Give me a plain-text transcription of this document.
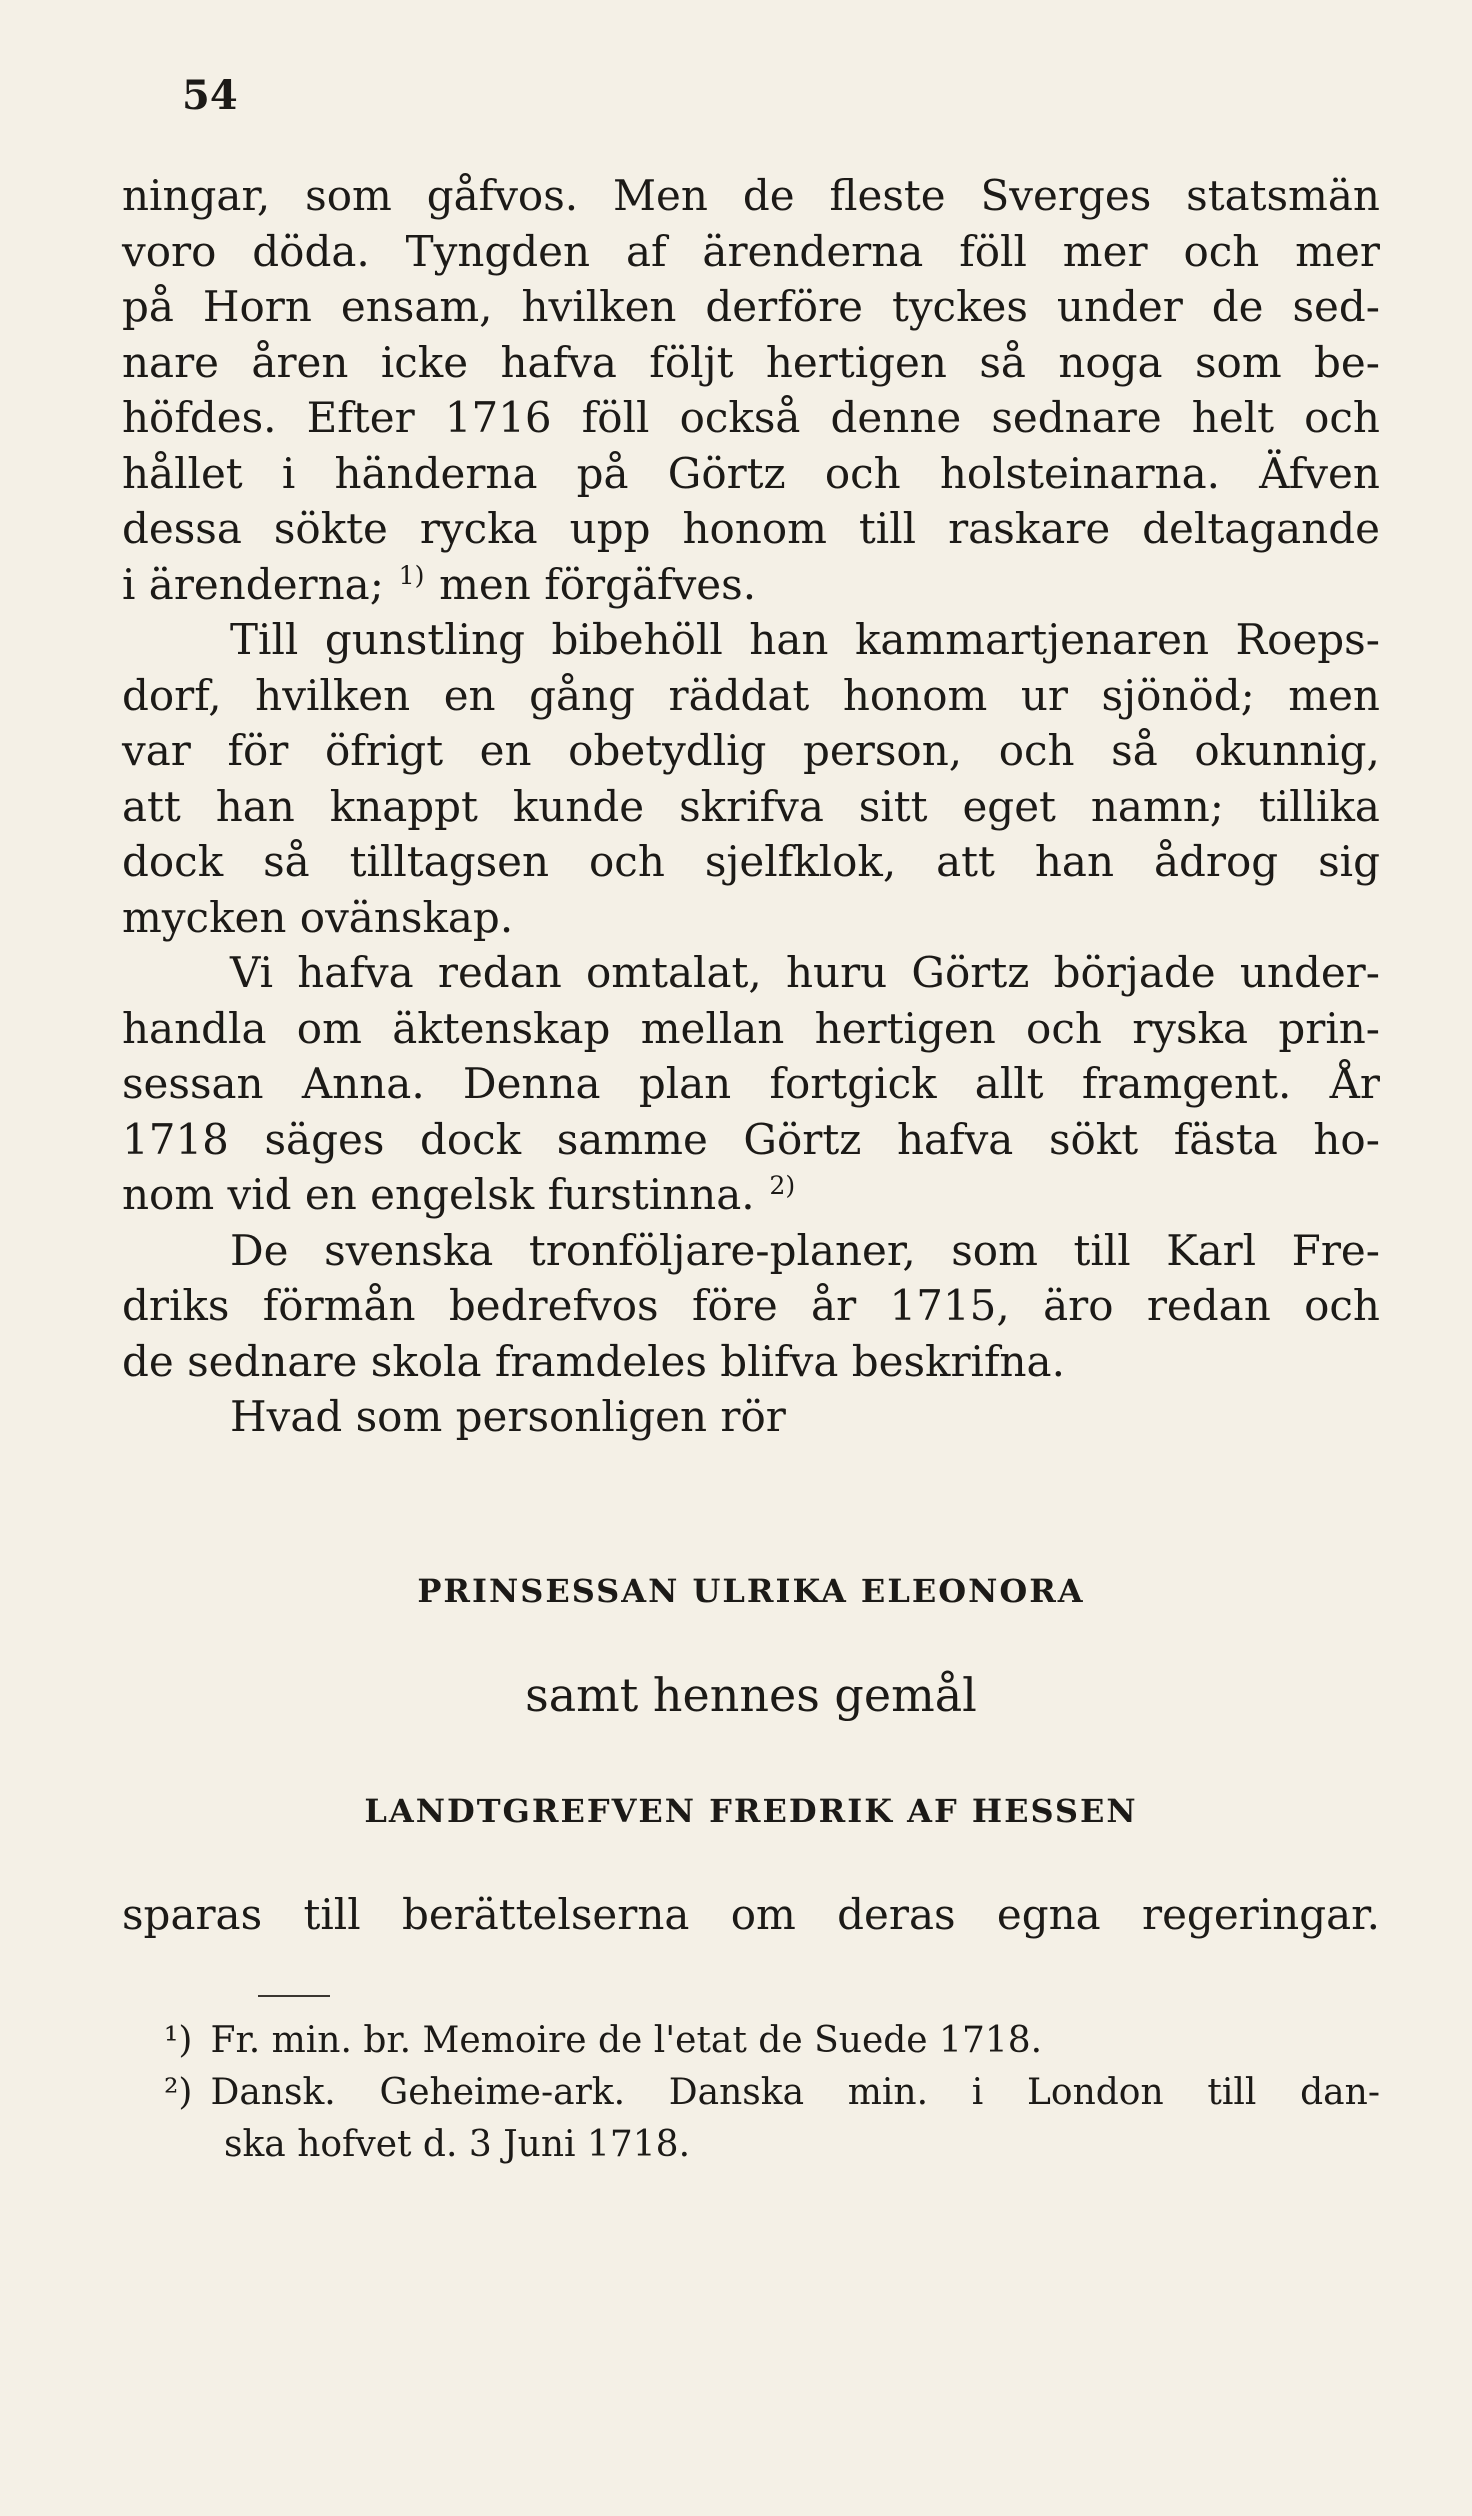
54
ningar, som gåfvos. Men de fleste Sverges statsmän
voro döda. Tyngden af ärenderna föll mer och mer
på Horn ensam, hvilken derföre tyckes under de sed-
nare åren icke hafva följt hertigen så noga som be-
höfdes. Efter 1716 föll också denne sednare helt och
hållet i händerna på Görtz och holsteinarna. Äfven
dessa sökte rycka upp honom till raskare deltagande
i ärenderna; $^{1)}$ men förgäfves.
Till gunstling bibehöll han kammartjenaren Roeps-
dorf, hvilken en gång räddat honom ur sjönöd; men
var för öfrigt en obetydlig person, och så okunnig,
att han knappt kunde skrifva sitt eget namn; tillika
dock så tilltagsen och sjelfklok, att han ådrog sig
mycken ovänskap.
Vi hafva redan omtalat, huru Görtz började under-
handla om äktenskap mellan hertigen och ryska prin-
sessan Anna. Denna plan fortgick allt framgent. År
1718 säges dock samme Görtz hafva sökt fästa ho-
nom vid en engelsk furstinna. $^{2)}$
De svenska tronföljare-planer, som till Karl Fre-
driks förmån bedrefvos före år 1715, äro redan och
de sednare skola framdeles blifva beskrifna.
Hvad som personligen rör
PRINSESSAN ULRIKA ELEONORA
samt hennes gemål
LANDTGREFVEN FREDRIK AF HESSEN
sparas till berättelserna om deras egna regeringar.
¹) Fr. min. br. Memoire de l'etat de Suede 1718.
²) Dansk. Geheime-ark. Danska min. i London till dan-
ska hofvet d. 3 Juni 1718.
